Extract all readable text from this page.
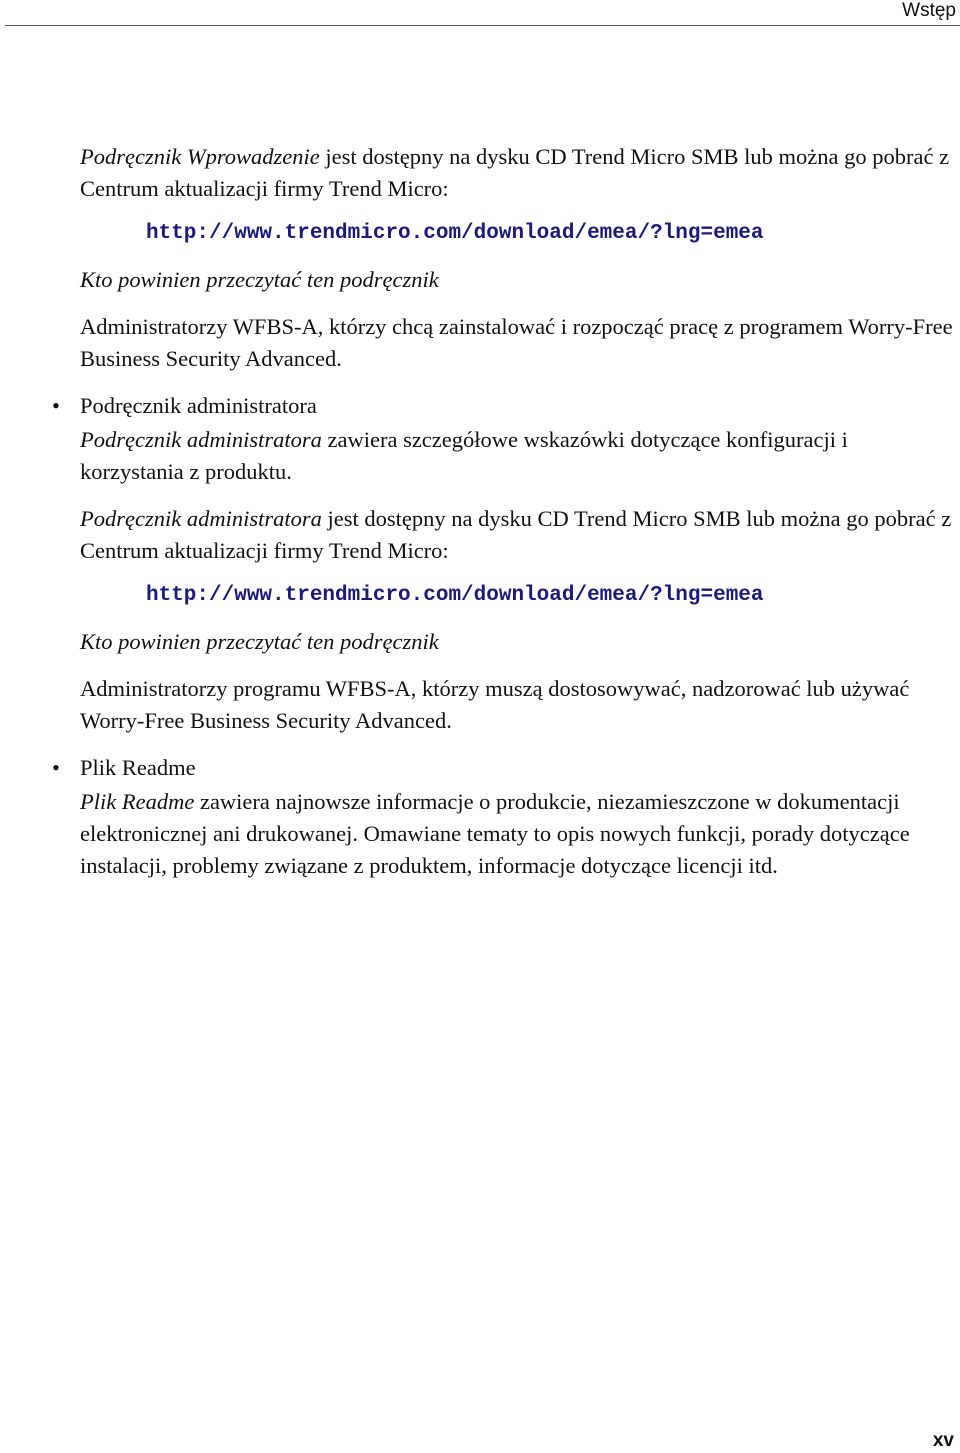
Wstęp

Podręcznik Wprowadzenie jest dostępny na dysku CD Trend Micro SMB lub można go pobrać z Centrum aktualizacji firmy Trend Micro:

http://www.trendmicro.com/download/emea/?lng=emea

Kto powinien przeczytać ten podręcznik

Administratorzy WFBS-A, którzy chcą zainstalować i rozpocząć pracę z programem Worry-Free Business Security Advanced.

• Podręcznik administratora

Podręcznik administratora zawiera szczegółowe wskazówki dotyczące konfiguracji i korzystania z produktu.

Podręcznik administratora jest dostępny na dysku CD Trend Micro SMB lub można go pobrać z Centrum aktualizacji firmy Trend Micro:

http://www.trendmicro.com/download/emea/?lng=emea

Kto powinien przeczytać ten podręcznik

Administratorzy programu WFBS-A, którzy muszą dostosowywać, nadzorować lub używać Worry-Free Business Security Advanced.

• Plik Readme

Plik Readme zawiera najnowsze informacje o produkcie, niezamieszczone w dokumentacji elektronicznej ani drukowanej. Omawiane tematy to opis nowych funkcji, porady dotyczące instalacji, problemy związane z produktem, informacje dotyczące licencji itd.

xv
